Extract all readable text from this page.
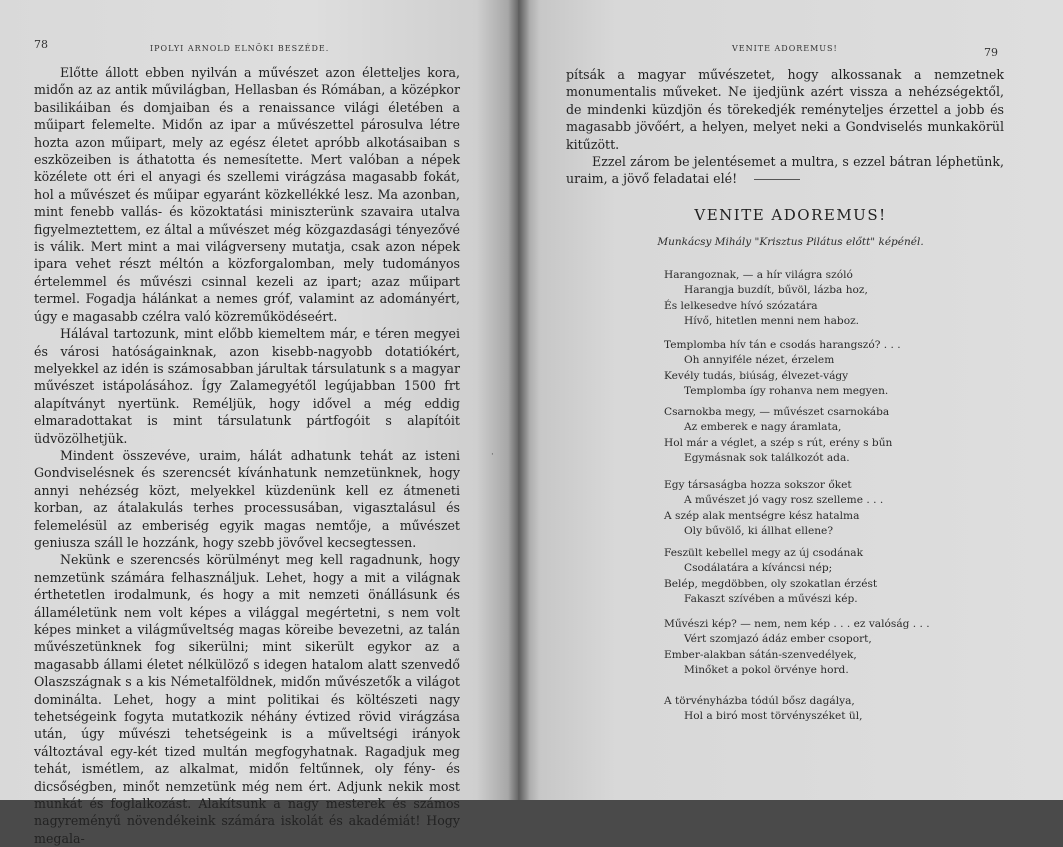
78	IPOLYI ARNOLD ELNÖKI BESZÉDE.

Előtte állott ebben nyilván a művészet azon életteljes kora, midőn az az antik művilágban, Hellasban és Rómában, a középkor basilikáiban és domjaiban és a renaissance világi életében a műipart felemelte. Midőn az ipar a művészettel párosulva létre hozta azon műipart, mely az egész életet apróbb alkotásaiban s eszközeiben is áthatotta és nemesítette. Mert valóban a népek közélete ott éri el anyagi és szellemi virágzása magasabb fokát, hol a művészet és műipar egyaránt közkellékké lesz. Ma azonban, mint fenebb vallás- és közoktatási miniszterünk szavaira utalva figyelmeztettem, ez által a művészet még közgazdasági tényezővé is válik. Mert mint a mai világverseny mutatja, csak azon népek ipara vehet részt méltón a közforgalomban, mely tudományos értelemmel és művészi csinnal kezeli az ipart; azaz műipart termel. Fogadja hálánkat a nemes gróf, valamint az adományért, úgy e magasabb czélra való közreműködéseért.

Hálával tartozunk, mint előbb kiemeltem már, e téren megyei és városi hatóságainknak, azon kisebb-nagyobb dotatiókért, melyekkel az idén is számosabban járultak társulatunk s a magyar művészet istápolásához. Így Zalamegyétől legújabban 1500 frt alapítványt nyertünk. Reméljük, hogy idővel a még eddig elmaradottakat is mint társulatunk pártfogóit s alapítóit üdvözölhetjük.

Mindent összevéve, uraim, hálát adhatunk tehát az isteni Gondviselésnek és szerencsét kívánhatunk nemzetünknek, hogy annyi nehézség közt, melyekkel küzdenünk kell ez átmeneti korban, az átalakulás terhes processusában, vigasztalásul és felemelésül az emberiség egyik magas nemtője, a művészet geniusza száll le hozzánk, hogy szebb jövővel kecsegtessen.

Nekünk e szerencsés körülményt meg kell ragadnunk, hogy nemzetünk számára felhasználjuk. Lehet, hogy a mit a világnak érthetetlen irodalmunk, és hogy a mit nemzeti önállásunk és államéletünk nem volt képes a világgal megértetni, s nem volt képes minket a világműveltség magas köreibe bevezetni, az talán művészetünknek fog sikerülni; mint sikerült egykor az a magasabb állami életet nélkülöző s idegen hatalom alatt szenvedő Olaszszágnak s a kis Németalföldnek, midőn művészetők a világot dominálta. Lehet, hogy a mint politikai és költészeti nagy tehetségeink fogyta mutatkozik néhány évtized rövid virágzása után, úgy művészi tehetségeink is a műveltségi irányok változtával egy-két tized multán megfogyhatnak. Ragadjuk meg tehát, ismétlem, az alkalmat, midőn feltűnnek, oly fény- és dicsőségben, minőt nemzetünk még nem ért. Adjunk nekik most munkát és foglalkozást. Alakítsunk a nagy mesterek és számos nagyreményű növendékeink számára iskolát és akadémiát! Hogy megala-

VENITE ADOREMUS!	79

pítsák a magyar művészetet, hogy alkossanak a nemzetnek monumentalis műveket. Ne ijedjünk azért vissza a nehézségektől, de mindenki küzdjön és törekedjék reményteljes érzettel a jobb és magasabb jövőért, a helyen, melyet neki a Gondviselés munkakörül kitűzött.

Ezzel zárom be jelentésemet a multra, s ezzel bátran léphetünk, uraim, a jövő feladatai elé!

VENITE ADOREMUS!
Munkácsy Mihály "Krisztus Pilátus előtt" képénél.
Harangoznak, — a hír világra szóló
Harangja buzdít, bűvöl, lázba hoz,
És lelkesedve hívó szózatára
Hívő, hitetlen menni nem haboz.
Templomba hív tán e csodás harangszó? . . .
Oh annyiféle nézet, érzelem
Kevély tudás, biúság, élvezet-vágy
Templomba így rohanva nem megyen.
Csarnokba megy, — művészet csarnokába
Az emberek e nagy áramlata,
Hol már a véglet, a szép s rút, erény s bűn
Egymásnak sok találkozót ada.
Egy társaságba hozza sokszor őket
A művészet jó vagy rosz szelleme . . .
A szép alak mentségre kész hatalma
Oly bűvölő, ki állhat ellene?
Feszült kebellel megy az új csodának
Csodálatára a kíváncsi nép;
Belép, megdöbben, oly szokatlan érzést
Fakaszt szívében a művészi kép.
Művészi kép? — nem, nem kép . . . ez valóság . . .
Vért szomjazó ádáz ember csoport,
Ember-alakban sátán-szenvedélyek,
Minőket a pokol örvénye hord.
A törvényházba tódúl bősz dagálya,
Hol a biró most törvényszéket ül,
·
